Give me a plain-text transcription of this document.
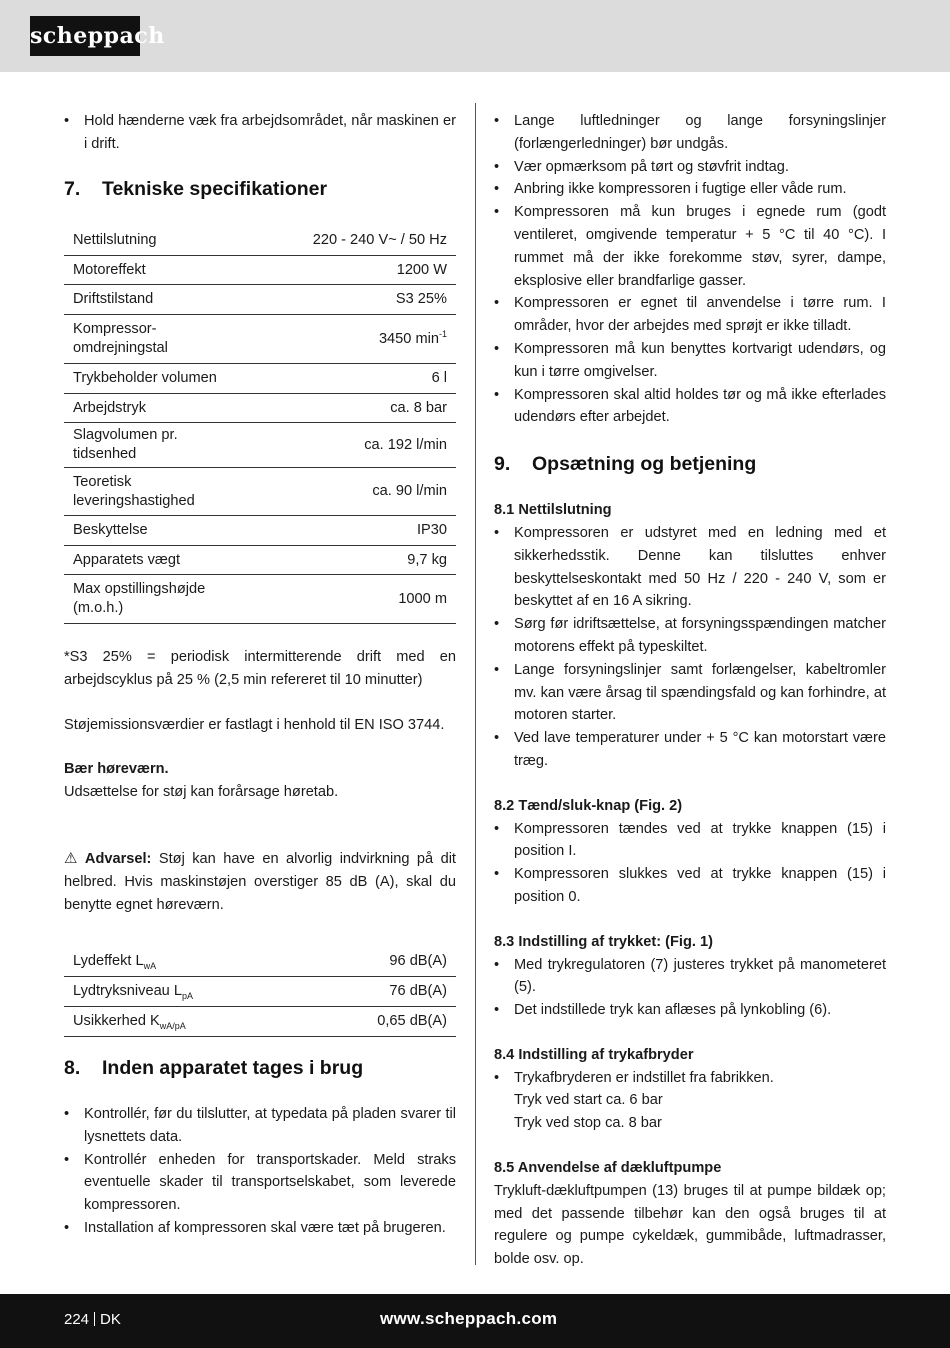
scheppach
• Hold hænderne væk fra arbejdsområdet, når maskinen er i drift.
7. Tekniske specifikationer
Nettilslutning	220 - 240 V~ / 50 Hz
Motoreffekt	1200 W
Driftstilstand	S3 25%
Kompressor-omdrejningstal	3450 $\min^{-1}$
Trykbeholder volumen	6 l
Arbejdstryk	ca. 8 bar
Slagvolumen pr. tidsenhed	ca. 192 l/min
Teoretisk leveringshastighed	ca. 90 l/min
Beskyttelse	IP30
Apparatets vægt	9,7 kg
Max opstillingshøjde (m.o.h.)	1000 m

*S3 25% = periodisk intermitterende drift med en arbejdscyklus på 25 % (2,5 min refereret til 10 minutter)

Støjemissionsværdier er fastlagt i henhold til EN ISO 3744.

Bær høreværn.

Udsættelse for støj kan forårsage høretab.

⚠ Advarsel: Støj kan have en alvorlig indvirkning på dit helbred. Hvis maskinstøjen overstiger 85 dB (A), skal du benytte egnet høreværn.

Lydeffekt $L_{wA}$	96 dB(A)
Lydtryksniveau $L_{pA}$	76 dB(A)
Usikkerhed $K_{wA/pA}$	0,65 dB(A)
8. Inden apparatet tages i brug
• Kontrollér, før du tilslutter, at typedata på pladen svarer til lysnettets data.
• Kontrollér enheden for transportskader. Meld straks eventuelle skader til transportselskabet, som leverede kompressoren.
• Installation af kompressoren skal være tæt på brugeren.
• Lange luftledninger og lange forsyningslinjer (forlængerledninger) bør undgås.
• Vær opmærksom på tørt og støvfrit indtag.
• Anbring ikke kompressoren i fugtige eller våde rum.
• Kompressoren må kun bruges i egnede rum (godt ventileret, omgivende temperatur + 5 °C til 40 °C). I rummet må der ikke forekomme støv, syrer, dampe, eksplosive eller brandfarlige gasser.
• Kompressoren er egnet til anvendelse i tørre rum. I områder, hvor der arbejdes med sprøjt er ikke tilladt.
• Kompressoren må kun benyttes kortvarigt udendørs, og kun i tørre omgivelser.
• Kompressoren skal altid holdes tør og må ikke efterlades udendørs efter arbejdet.
9. Opsætning og betjening
8.1 Nettilslutning
• Kompressoren er udstyret med en ledning med et sikkerhedsstik. Denne kan tilsluttes enhver beskyttelseskontakt med 50 Hz / 220 - 240 V, som er beskyttet af en 16 A sikring.
• Sørg før idriftsættelse, at forsyningsspændingen matcher motorens effekt på typeskiltet.
• Lange forsyningslinjer samt forlængelser, kabeltromler mv. kan være årsag til spændingsfald og kan forhindre, at motoren starter.
• Ved lave temperaturer under + 5 °C kan motorstart være træg.
8.2 Tænd/sluk-knap (Fig. 2)
• Kompressoren tændes ved at trykke knappen (15) i position I.
• Kompressoren slukkes ved at trykke knappen (15) i position 0.
8.3 Indstilling af trykket: (Fig. 1)
• Med trykregulatoren (7) justeres trykket på manometeret (5).
• Det indstillede tryk kan aflæses på lynkobling (6).
8.4 Indstilling af trykafbryder
• Trykafbryderen er indstillet fra fabrikken.

Tryk ved start ca. 6 bar

Tryk ved stop ca. 8 bar

8.5 Anvendelse af dækluftpumpe

Trykluft-dækluftpumpen (13) bruges til at pumpe bildæk op; med det passende tilbehør kan den også bruges til at regulere og pumpe cykeldæk, gummibåde, luftmadrasser, bolde osv. op.

224 DK	www.scheppach.com
